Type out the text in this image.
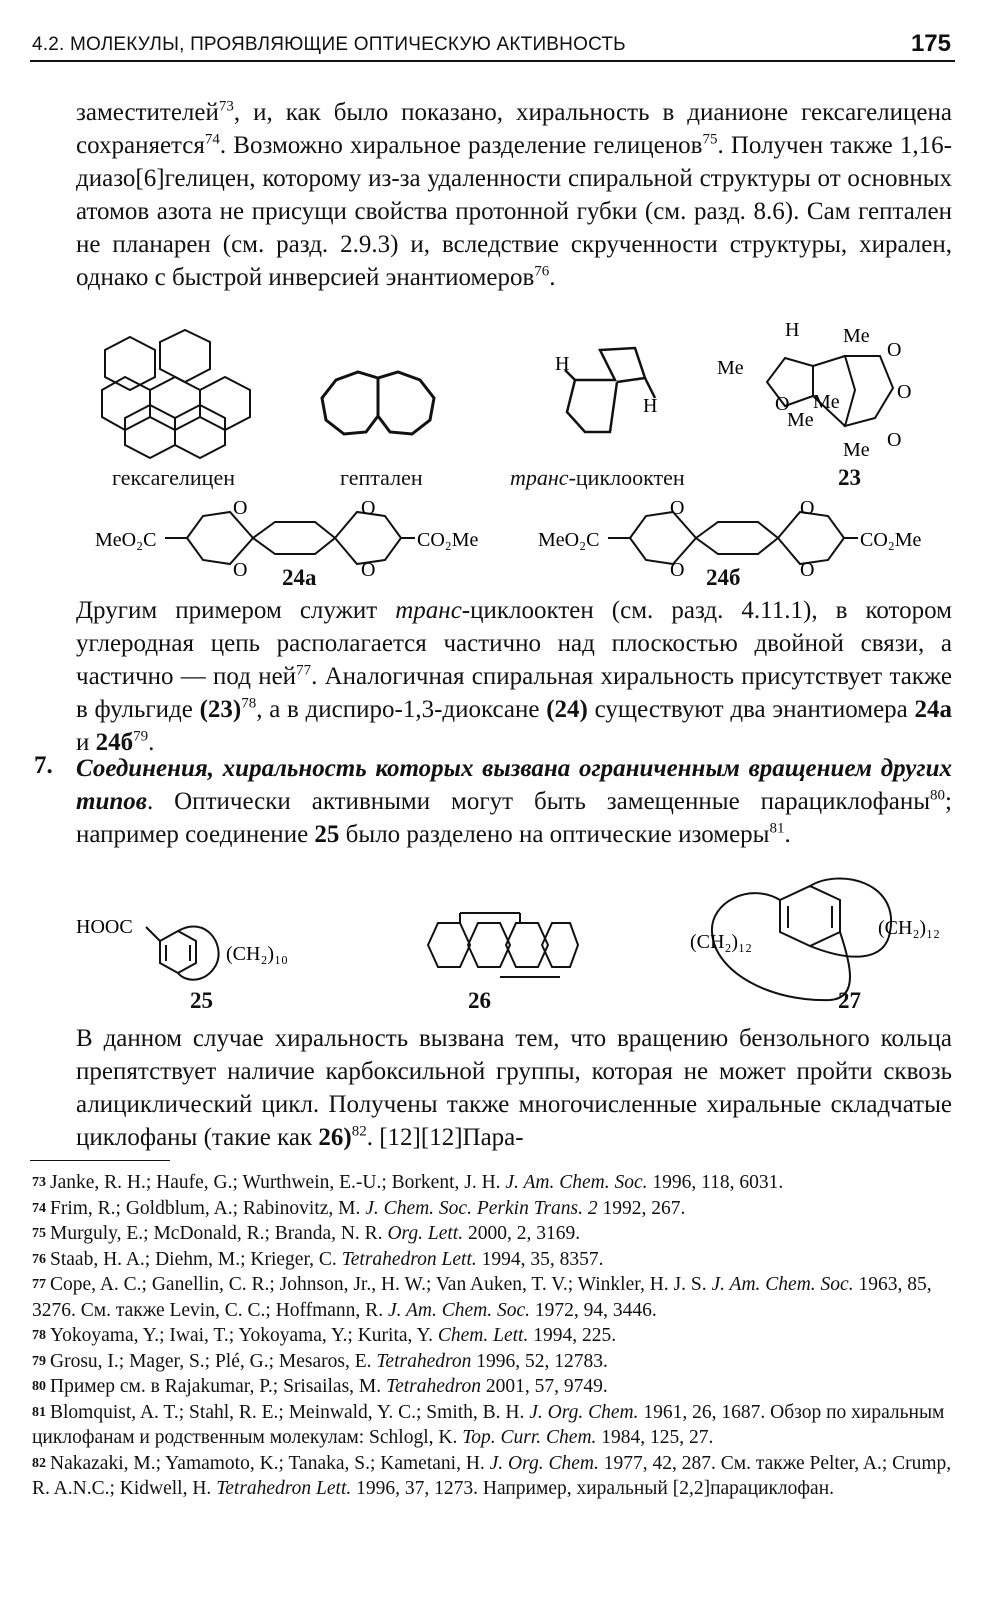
4.2. МОЛЕКУЛЫ, ПРОЯВЛЯЮЩИЕ ОПТИЧЕСКУЮ АКТИВНОСТЬ	175
заместителей$^{73}$, и, как было показано, хиральность в дианионе гексагелицена сохраняется$^{74}$. Возможно хиральное разделение гелиценов$^{75}$. Получен также 1,16-диазо[6]гелицен, которому из-за удаленности спиральной структуры от основных атомов азота не присущи свойства протонной губки (см. разд. 8.6). Сам гептален не планарен (см. разд. 2.9.3) и, вследствие скрученности структуры, хирален, однако с быстрой инверсией энантиомеров$^{76}$.
H
H
H Me
Me
O
O
O Me
Me
Me O
гексагелицен	гептален	транс-циклооктен	23
MeO₂C
O
O
O
O
CO₂Me
24а
MeO₂C
O
O
O
O
CO₂Me
24б
Другим примером служит транс-циклооктен (см. разд. 4.11.1), в котором углеродная цепь располагается частично над плоскостью двойной связи, а частично — под ней$^{77}$. Аналогичная спиральная хиральность присутствует также в фульгиде $(23)^{78}$, а в диспиро-1,3-диоксане (24) существуют два энантиомера 24а и $24б^{79}$.
7. Соединения, хиральность которых вызвана ограниченным вращением других типов. Оптически активными могут быть замещенные парациклофаны$^{80}$; например соединение 25 было разделено на оптические изомеры$^{81}$.
HOOC
(CH₂)₁₀
25	26
(CH₂)₁₂
(CH₂)₁₂
27
В данном случае хиральность вызвана тем, что вращению бензольного кольца препятствует наличие карбоксильной группы, которая не может пройти сквозь алициклический цикл. Получены также многочисленные хиральные складчатые циклофаны (такие как 26)$^{82}$. [12][12]Пара-

$^{73}$ Janke, R. H.; Haufe, G.; Wurthwein, E.-U.; Borkent, J. H. J. Am. Chem. Soc. 1996, 118, 6031.

$^{74}$ Frim, R.; Goldblum, A.; Rabinovitz, M. J. Chem. Soc. Perkin Trans. 2 1992, 267.

$^{75}$ Murguly, E.; McDonald, R.; Branda, N. R. Org. Lett. 2000, 2, 3169.

$^{76}$ Staab, H. A.; Diehm, M.; Krieger, C. Tetrahedron Lett. 1994, 35, 8357.

$^{77}$ Cope, A. C.; Ganellin, C. R.; Johnson, Jr., H. W.; Van Auken, T. V.; Winkler, H. J. S. J. Am. Chem. Soc. 1963, 85, 3276. См. также Levin, C. C.; Hoffmann, R. J. Am. Chem. Soc. 1972, 94, 3446.

$^{78}$ Yokoyama, Y.; Iwai, T.; Yokoyama, Y.; Kurita, Y. Chem. Lett. 1994, 225.

$^{79}$ Grosu, I.; Mager, S.; Plé, G.; Mesaros, E. Tetrahedron 1996, 52, 12783.

$^{80}$ Пример см. в Rajakumar, P.; Srisailas, M. Tetrahedron 2001, 57, 9749.

$^{81}$ Blomquist, A. T.; Stahl, R. E.; Meinwald, Y. C.; Smith, B. H. J. Org. Chem. 1961, 26, 1687. Обзор по хиральным циклофанам и родственным молекулам: Schlogl, K. Top. Curr. Chem. 1984, 125, 27.

$^{82}$ Nakazaki, M.; Yamamoto, K.; Tanaka, S.; Kametani, H. J. Org. Chem. 1977, 42, 287. См. также Pelter, A.; Crump, R. A.N.C.; Kidwell, H. Tetrahedron Lett. 1996, 37, 1273. Например, хиральный [2,2]парациклофан.
